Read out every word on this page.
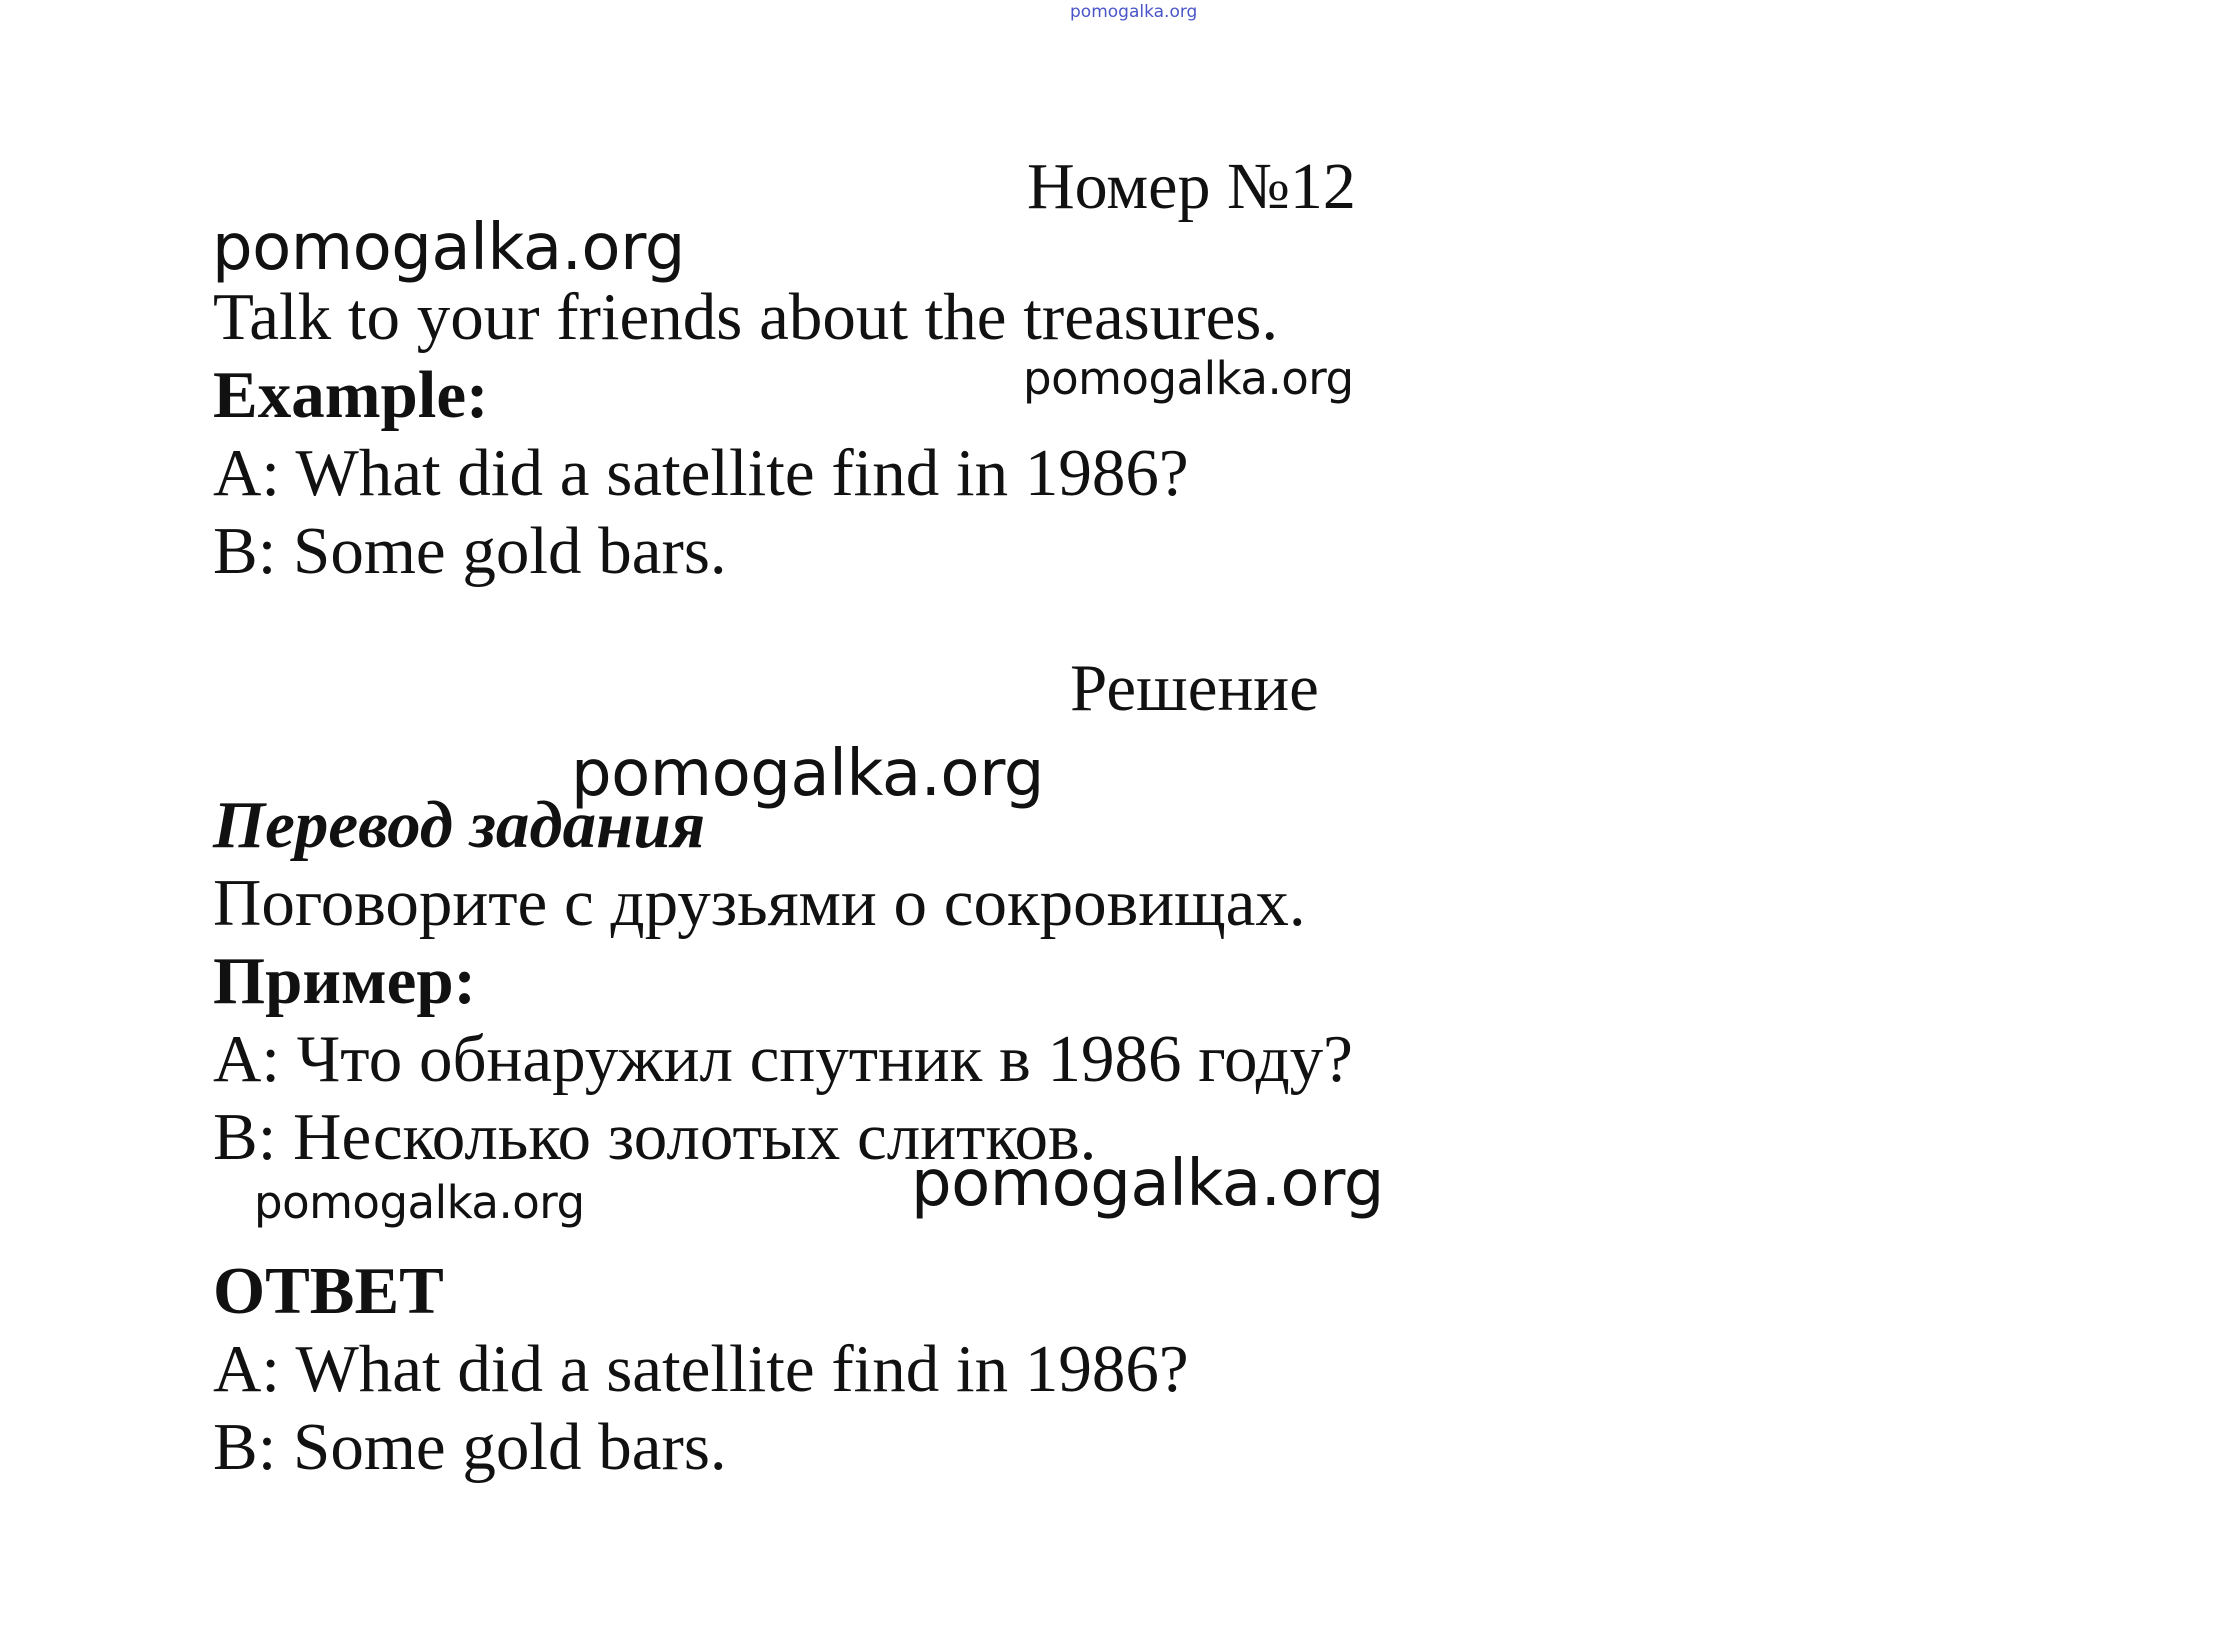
pomogalka.org
Номер №12
pomogalka.org
Talk to your friends about the treasures.
Example:	pomogalka.org
A: What did a satellite find in 1986?
B: Some gold bars.
Решение
pomogalka.org
Перевод задания
Поговорите с друзьями о сокровищах.
Пример:
A: Что обнаружил спутник в 1986 году?
B: Несколько золотых слитков.
pomogalka.org	pomogalka.org
ОТВЕТ
A: What did a satellite find in 1986?
B: Some gold bars.
